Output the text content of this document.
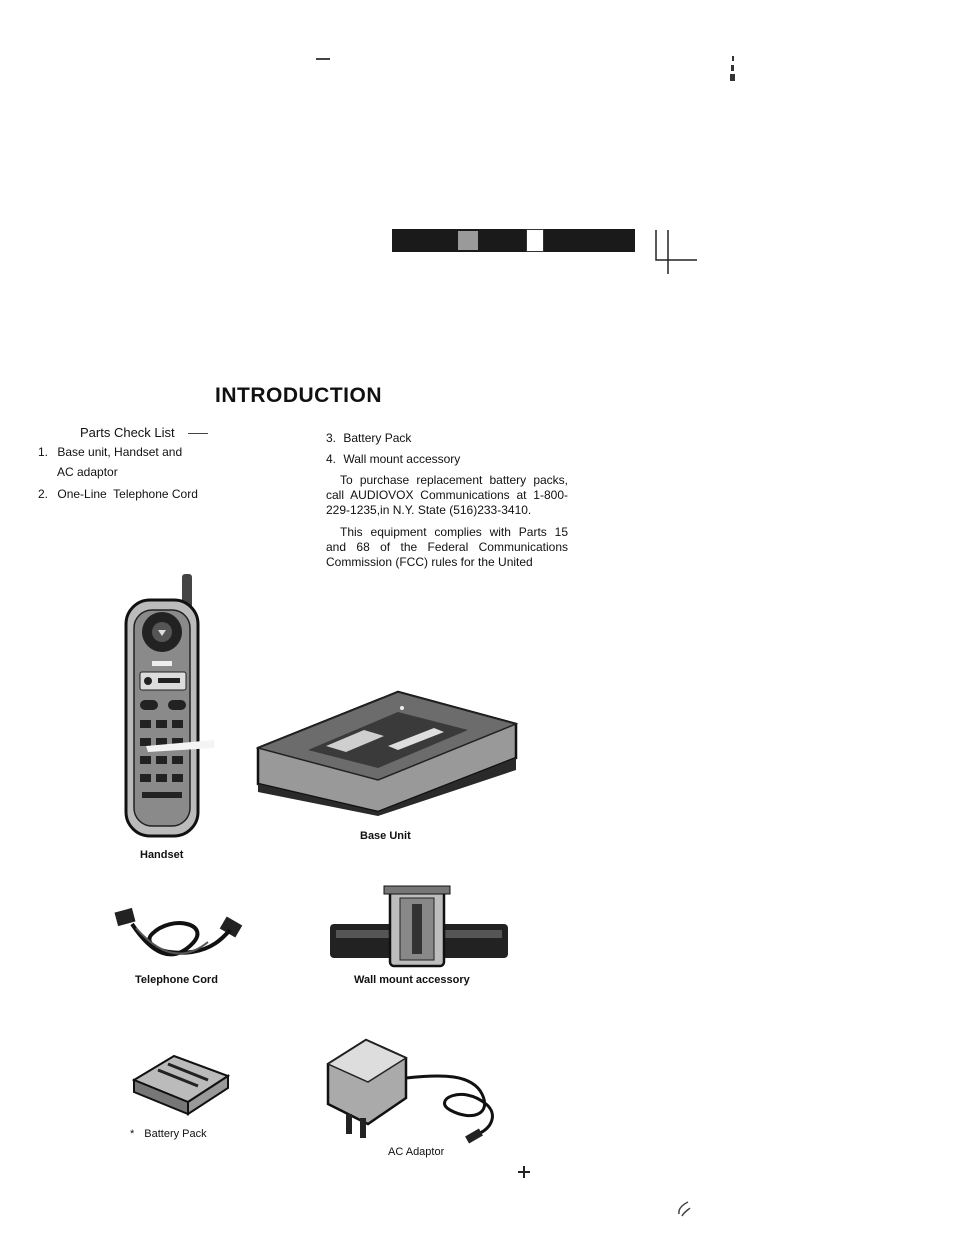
INTRODUCTION
Parts Check List
1. Base unit, Handset and
AC adaptor
2. One-Line  Telephone Cord
3. Battery Pack
4. Wall mount accessory

To purchase replacement battery packs, call AUDIOVOX Communications at 1-800-229-1235,in N.Y. State (516)233-3410.

This equipment complies with Parts 15 and 68 of the Federal Communications Commission (FCC) rules for the United

Handset
Base Unit
Telephone Cord	Wall mount accessory
* Battery Pack
AC Adaptor
